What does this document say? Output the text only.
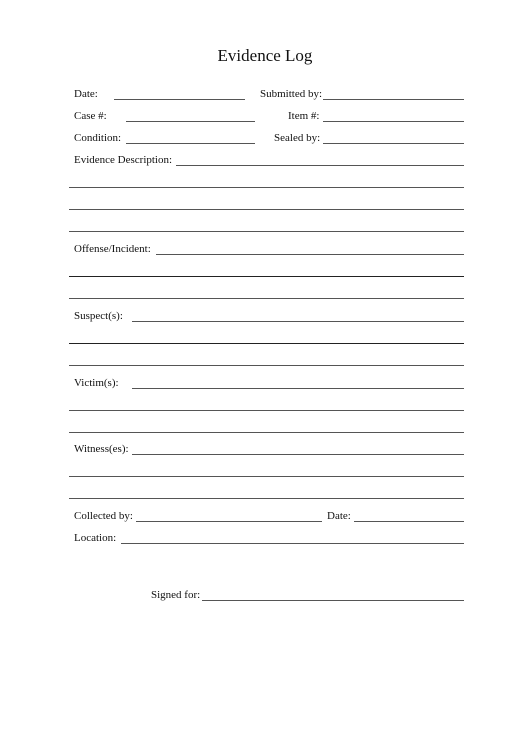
Evidence Log
Date:	Submitted by:
Case #:	Item #:
Condition:	Sealed by:
Evidence Description:
Offense/Incident:
Suspect(s):
Victim(s):
Witness(es):
Collected by:	Date:
Location:
Signed for:
